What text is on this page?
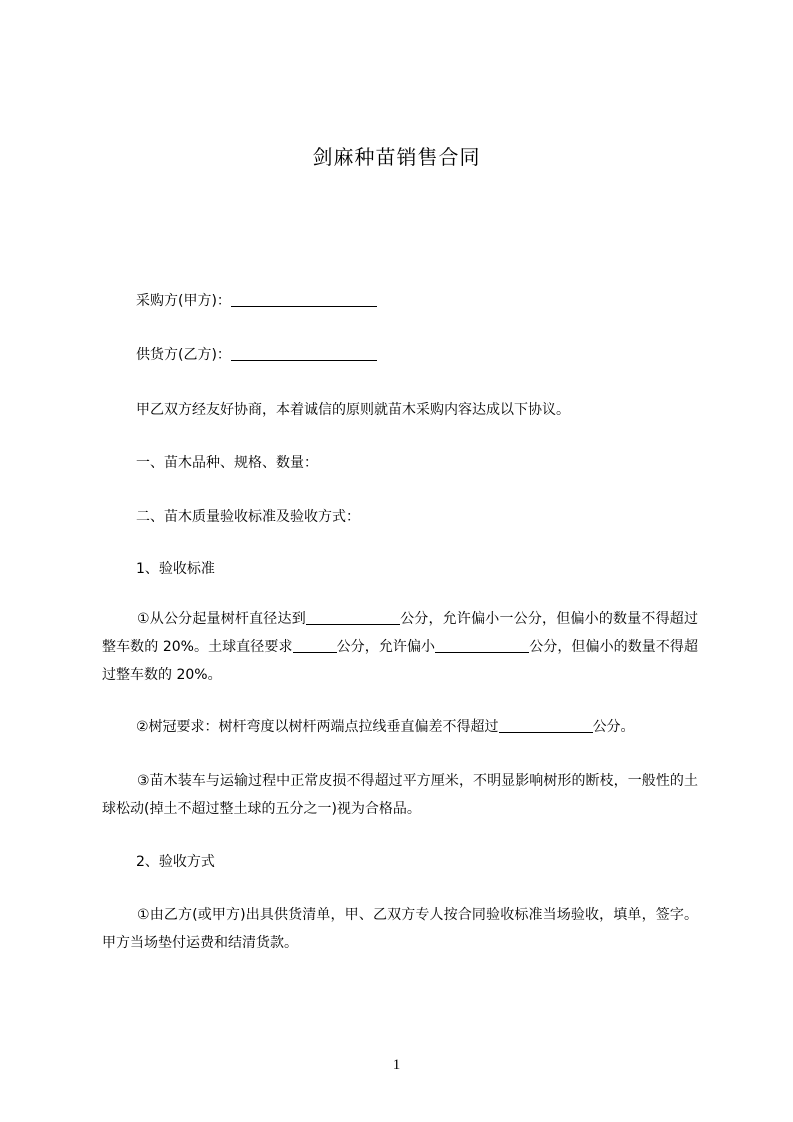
剑麻种苗销售合同
采购方(甲方)：
供货方(乙方)：
甲乙双方经友好协商，本着诚信的原则就苗木采购内容达成以下协议。
一、苗木品种、规格、数量：
二、苗木质量验收标准及验收方式：
1、验收标准
①从公分起量树杆直径达到	公分，允许偏小一公分，但偏小的数量不得超过整车数的 20%。土球直径要求	公分，允许偏小	公分，但偏小的数量不得超过整车数的 20%。
②树冠要求：树杆弯度以树杆两端点拉线垂直偏差不得超过	公分。
③苗木装车与运输过程中正常皮损不得超过平方厘米，不明显影响树形的断枝，一般性的土球松动(掉土不超过整土球的五分之一)视为合格品。
2、验收方式
①由乙方(或甲方)出具供货清单，甲、乙双方专人按合同验收标准当场验收，填单，签字。甲方当场垫付运费和结清货款。
1
